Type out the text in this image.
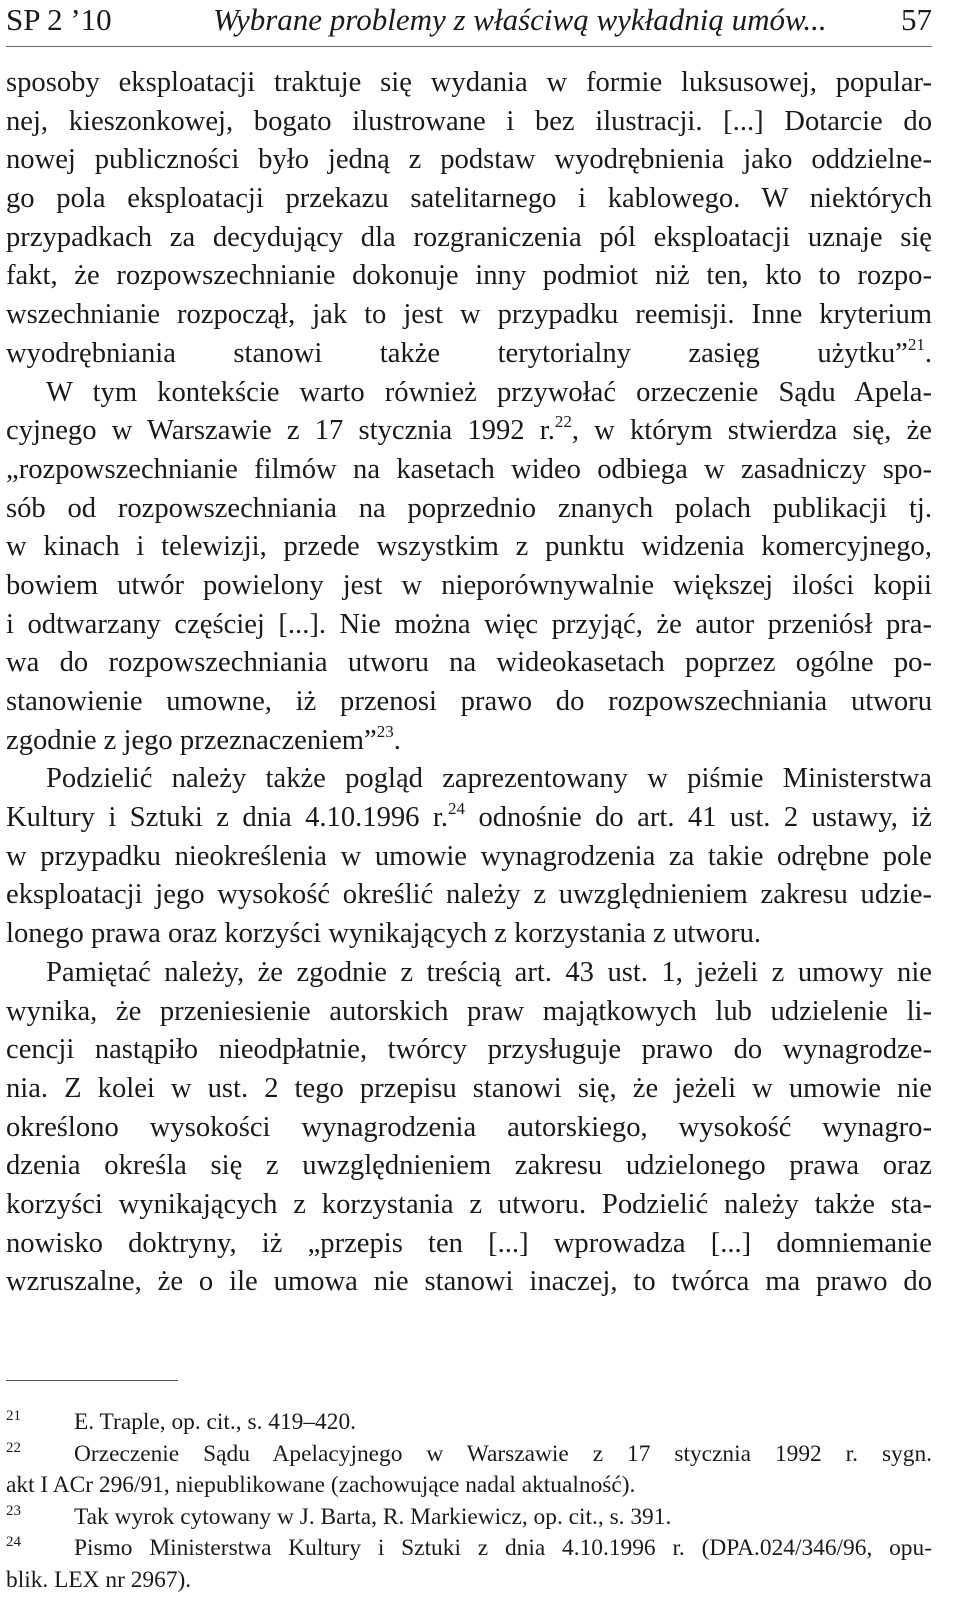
SP 2 ’10	Wybrane problemy z właściwą wykładnią umów... 57
sposoby eksploatacji traktuje się wydania w formie luksusowej, popular-
nej, kieszonkowej, bogato ilustrowane i bez ilustracji. [...] Dotarcie do
nowej publiczności było jedną z podstaw wyodrębnienia jako oddzielne-
go pola eksploatacji przekazu satelitarnego i kablowego. W niektórych
przypadkach za decydujący dla rozgraniczenia pól eksploatacji uznaje się
fakt, że rozpowszechnianie dokonuje inny podmiot niż ten, kto to rozpo-
wszechnianie rozpoczął, jak to jest w przypadku reemisji. Inne kryterium
wyodrębniania stanowi także terytorialny zasięg użytku”$^{21}$.
W tym kontekście warto również przywołać orzeczenie Sądu Apela-
cyjnego w Warszawie z 17 stycznia 1992 r.$^{22}$, w którym stwierdza się, że
„rozpowszechnianie filmów na kasetach wideo odbiega w zasadniczy spo-
sób od rozpowszechniania na poprzednio znanych polach publikacji tj.
w kinach i telewizji, przede wszystkim z punktu widzenia komercyjnego,
bowiem utwór powielony jest w nieporównywalnie większej ilości kopii
i odtwarzany częściej [...]. Nie można więc przyjąć, że autor przeniósł pra-
wa do rozpowszechniania utworu na wideokasetach poprzez ogólne po-
stanowienie umowne, iż przenosi prawo do rozpowszechniania utworu
zgodnie z jego przeznaczeniem”$^{23}$.
Podzielić należy także pogląd zaprezentowany w piśmie Ministerstwa
Kultury i Sztuki z dnia 4.10.1996 r.$^{24}$ odnośnie do art. 41 ust. 2 ustawy, iż
w przypadku nieokreślenia w umowie wynagrodzenia za takie odrębne pole
eksploatacji jego wysokość określić należy z uwzględnieniem zakresu udzie-
lonego prawa oraz korzyści wynikających z korzystania z utworu.
Pamiętać należy, że zgodnie z treścią art. 43 ust. 1, jeżeli z umowy nie
wynika, że przeniesienie autorskich praw majątkowych lub udzielenie li-
cencji nastąpiło nieodpłatnie, twórcy przysługuje prawo do wynagrodze-
nia. Z kolei w ust. 2 tego przepisu stanowi się, że jeżeli w umowie nie
określono wysokości wynagrodzenia autorskiego, wysokość wynagro-
dzenia określa się z uwzględnieniem zakresu udzielonego prawa oraz
korzyści wynikających z korzystania z utworu. Podzielić należy także sta-
nowisko doktryny, iż „przepis ten [...] wprowadza [...] domniemanie
wzruszalne, że o ile umowa nie stanowi inaczej, to twórca ma prawo do
21 E. Traple, op. cit., s. 419–420.
22 Orzeczenie Sądu Apelacyjnego w Warszawie z 17 stycznia 1992 r. sygn.
akt I ACr 296/91, niepublikowane (zachowujące nadal aktualność).
23 Tak wyrok cytowany w J. Barta, R. Markiewicz, op. cit., s. 391.
24 Pismo Ministerstwa Kultury i Sztuki z dnia 4.10.1996 r. (DPA.024/346/96, opu-
blik. LEX nr 2967).
